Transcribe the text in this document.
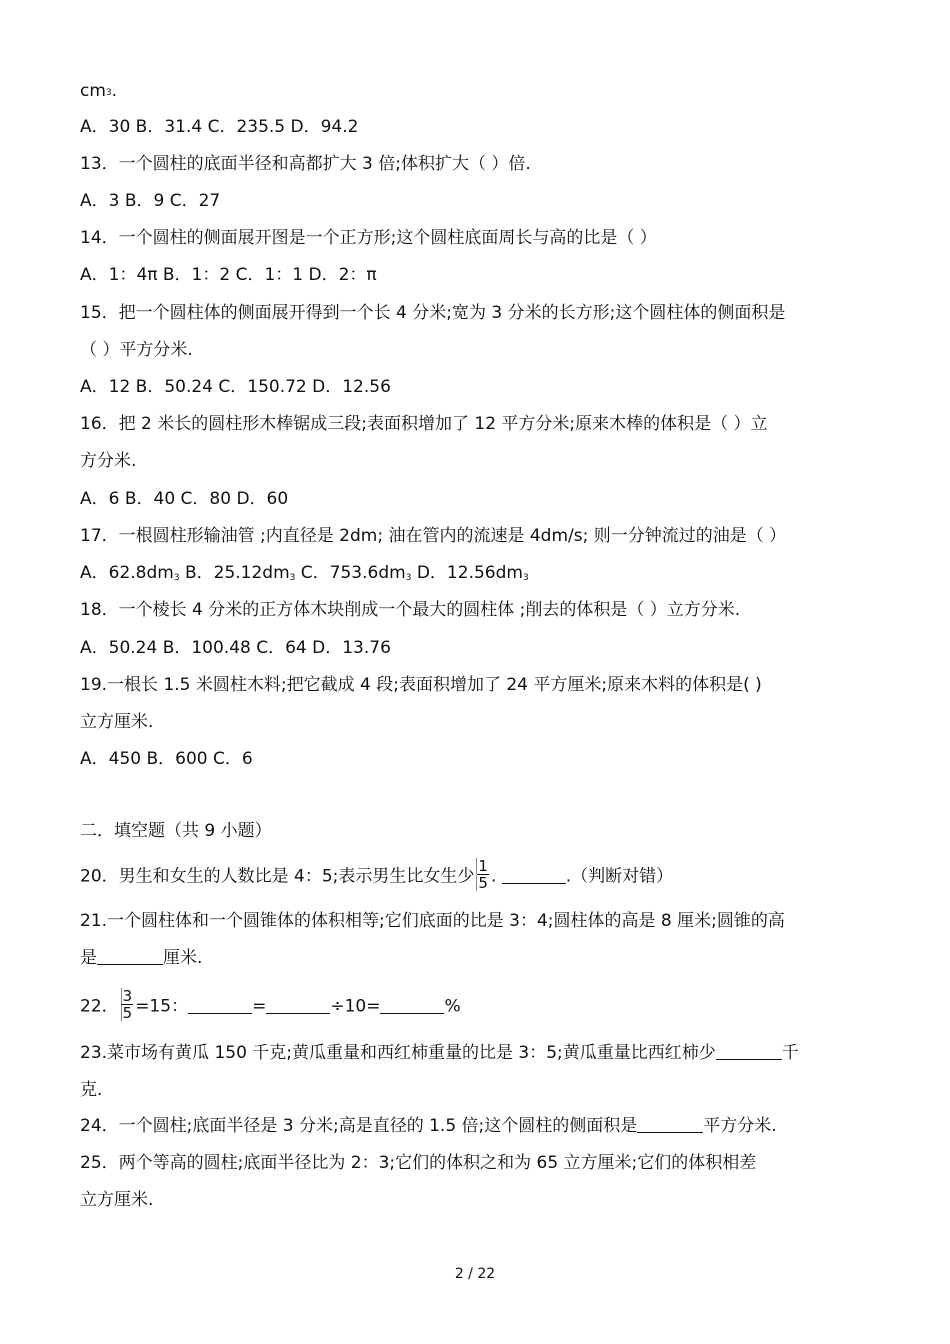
cm3.
A．30 B．31.4 C．235.5 D．94.2
13．一个圆柱的底面半径和高都扩大 3 倍;体积扩大（ ）倍.
A．3 B．9 C．27
14．一个圆柱的侧面展开图是一个正方形;这个圆柱底面周长与高的比是（ ）
A．1：4π B．1：2 C．1：1 D．2：π
15．把一个圆柱体的侧面展开得到一个长 4 分米;宽为 3 分米的长方形;这个圆柱体的侧面积是
（ ）平方分米.
A．12 B．50.24 C．150.72 D．12.56
16．把 2 米长的圆柱形木棒锯成三段;表面积增加了 12 平方分米;原来木棒的体积是（ ）立
方分米.
A．6 B．40 C．80 D．60
17．一根圆柱形输油管 ;内直径是 2dm; 油在管内的流速是 4dm/s; 则一分钟流过的油是（ ）
A．62.8dm3 B．25.12dm3 C．753.6dm3 D．12.56dm3
18．一个棱长 4 分米的正方体木块削成一个最大的圆柱体 ;削去的体积是（ ）立方分米.
A．50.24 B．100.48 C．64 D．13.76
19.一根长 1.5 米圆柱木料;把它截成 4 段;表面积增加了 24 平方厘米;原来木料的体积是( )
立方厘米.
A．450 B．600 C．6
二．填空题（共 9 小题）
20．男生和女生的人数比是 4：5;表示男生比女生少 $\frac{1}{5}$ .	.（判断对错）
21.一个圆柱体和一个圆锥体的体积相等;它们底面的比是 3：4;圆柱体的高是 8 厘米;圆锥的高
是	厘米.
22． $\frac{3}{5} =15$：	=	÷10=	%
23.菜市场有黄瓜 150 千克;黄瓜重量和西红柿重量的比是 3：5;黄瓜重量比西红柿少	千
克.
24．一个圆柱;底面半径是 3 分米;高是直径的 1.5 倍;这个圆柱的侧面积是	平方分米.
25．两个等高的圆柱;底面半径比为 2：3;它们的体积之和为 65 立方厘米;它们的体积相差
立方厘米.
2 / 22
